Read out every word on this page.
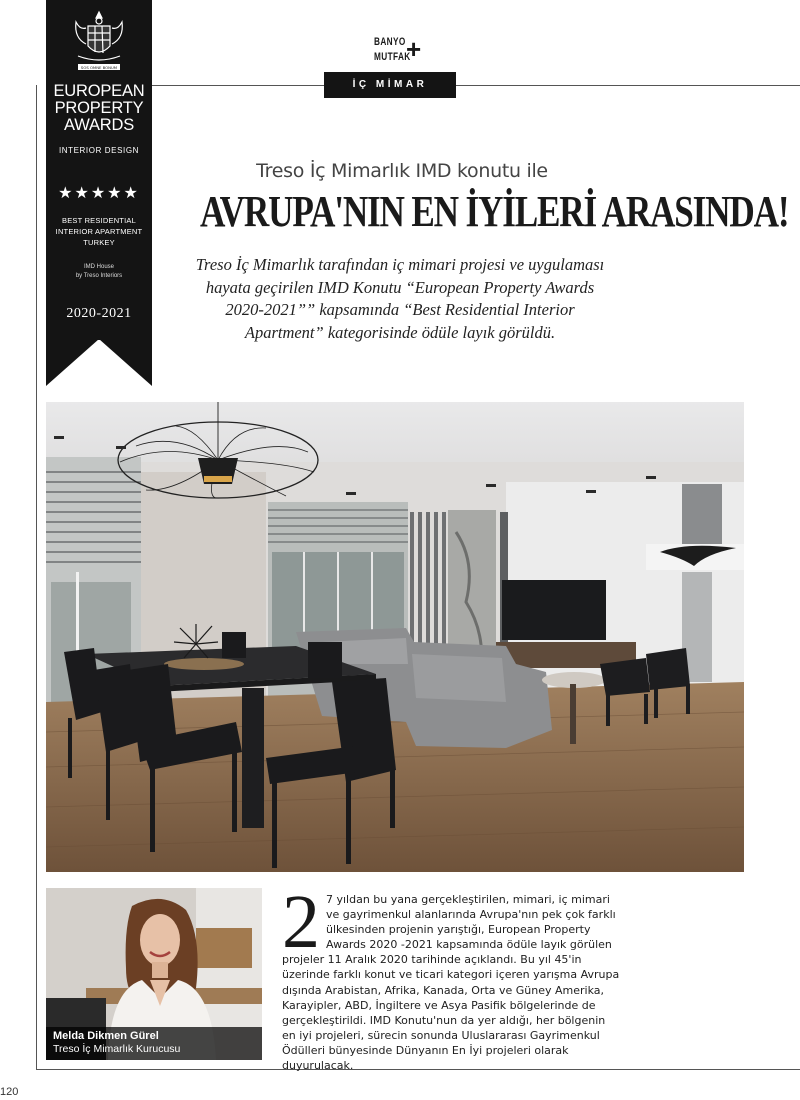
SOS OMNE BONUM
EUROPEAN
PROPERTY
AWARDS
INTERIOR DESIGN
★★★★★
BEST RESIDENTIAL
INTERIOR APARTMENT
TURKEY
IMD House
by Treso Interiors
2020-2021
BANYO
MUTFAK
+
İÇ MİMAR
Treso İç Mimarlık IMD konutu ile
AVRUPA'NIN EN İYİLERİ ARASINDA!
Treso İç Mimarlık tarafından iç mimari projesi ve uygulaması hayata geçirilen IMD Konutu “European Property Awards 2020-2021”” kapsamında “Best Residential Interior Apartment” kategorisinde ödüle layık görüldü.
Melda Dikmen Gürel
Treso İç Mimarlık Kurucusu
2 7 yıldan bu yana gerçekleştirilen, mimari, iç mimari ve gayrimenkul alanlarında Avrupa'nın pek çok farklı ülkesinden projenin yarıştığı, European Property Awards 2020 -2021 kapsamında ödüle layık görülen projeler 11 Aralık 2020 tarihinde açıklandı. Bu yıl 45'in üzerinde farklı konut ve ticari kategori içeren yarışma Avrupa dışında Arabistan, Afrika, Kanada, Orta ve Güney Amerika, Karayipler, ABD, İngiltere ve Asya Pasifik bölgelerinde de gerçekleştirildi. IMD Konutu'nun da yer aldığı, her bölgenin en iyi projeleri, sürecin sonunda Uluslararası Gayrimenkul Ödülleri bünyesinde Dünyanın En İyi projeleri olarak duyurulacak.

120
